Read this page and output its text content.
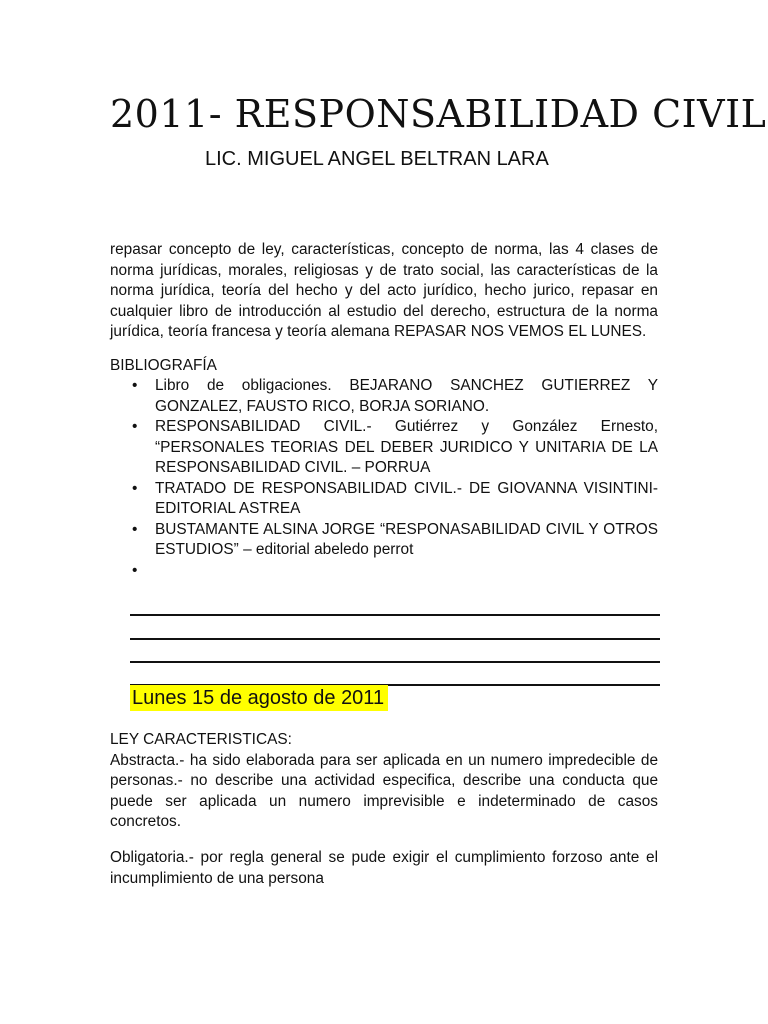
2011- RESPONSABILIDAD CIVIL
LIC. MIGUEL ANGEL BELTRAN LARA
repasar concepto de ley, características, concepto de norma, las 4 clases de norma jurídicas, morales, religiosas y de trato social, las características de la norma jurídica, teoría del hecho y del acto jurídico, hecho jurico, repasar en cualquier libro de introducción al estudio del derecho, estructura de la norma jurídica, teoría francesa y teoría alemana REPASAR NOS VEMOS EL LUNES.
BIBLIOGRAFÍA
• Libro de obligaciones. BEJARANO SANCHEZ GUTIERREZ Y GONZALEZ, FAUSTO RICO, BORJA SORIANO.
• RESPONSABILIDAD CIVIL.- Gutiérrez y González Ernesto, “PERSONALES TEORIAS DEL DEBER JURIDICO Y UNITARIA DE LA RESPONSABILIDAD CIVIL. – PORRUA
• TRATADO DE RESPONSABILIDAD CIVIL.- DE GIOVANNA VISINTINI- EDITORIAL ASTREA
• BUSTAMANTE ALSINA JORGE “RESPONASABILIDAD CIVIL Y OTROS ESTUDIOS” – editorial abeledo perrot
•
Lunes 15 de agosto de 2011
LEY CARACTERISTICAS:
Abstracta.- ha sido elaborada para ser aplicada en un numero impredecible de personas.- no describe una actividad especifica, describe una conducta que puede ser aplicada un numero imprevisible e indeterminado de casos concretos.
Obligatoria.- por regla general se pude exigir el cumplimiento forzoso ante el incumplimiento de una persona
